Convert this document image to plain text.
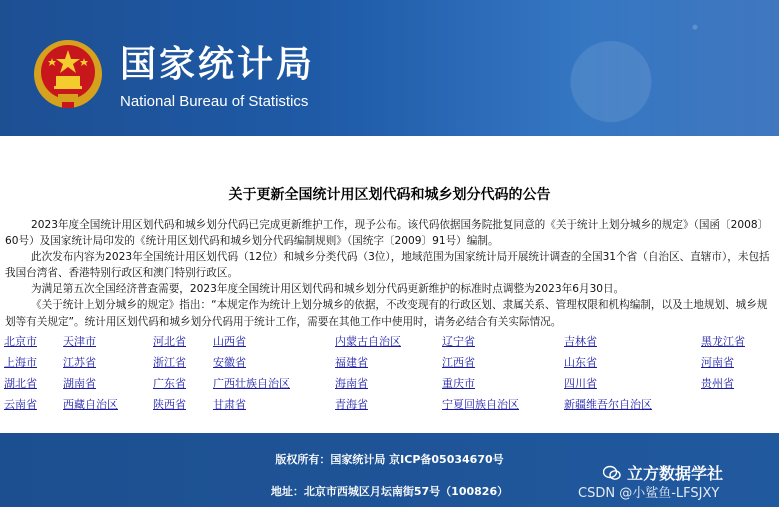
国家统计局
National Bureau of Statistics
关于更新全国统计用区划代码和城乡划分代码的公告

2023年度全国统计用区划代码和城乡划分代码已完成更新维护工作，现予公布。该代码依据国务院批复同意的《关于统计上划分城乡的规定》（国函〔2008〕60号）及国家统计局印发的《统计用区划代码和城乡划分代码编制规则》（国统字〔2009〕91号）编制。

此次发布内容为2023年全国统计用区划代码（12位）和城乡分类代码（3位），地域范围为国家统计局开展统计调查的全国31个省（自治区、直辖市），未包括我国台湾省、香港特别行政区和澳门特别行政区。

为满足第五次全国经济普查需要，2023年度全国统计用区划代码和城乡划分代码更新维护的标准时点调整为2023年6月30日。

《关于统计上划分城乡的规定》指出：“本规定作为统计上划分城乡的依据，不改变现有的行政区划、隶属关系、管理权限和机构编制，以及土地规划、城乡规划等有关规定”。统计用区划代码和城乡划分代码用于统计工作，需要在其他工作中使用时，请务必结合有关实际情况。

北京市 天津市	河北省 山西省	内蒙古自治区	辽宁省	吉林省	黑龙江省
上海市 江苏省	浙江省 安徽省	福建省	江西省	山东省	河南省
湖北省 湖南省	广东省 广西壮族自治区	海南省	重庆市	四川省	贵州省
云南省 西藏自治区	陕西省 甘肃省	青海省	宁夏回族自治区	新疆维吾尔自治区
版权所有：国家统计局 京ICP备05034670号
地址：北京市西城区月坛南街57号（100826）
立方数据学社
CSDN @小鲨鱼-LFSJXY
